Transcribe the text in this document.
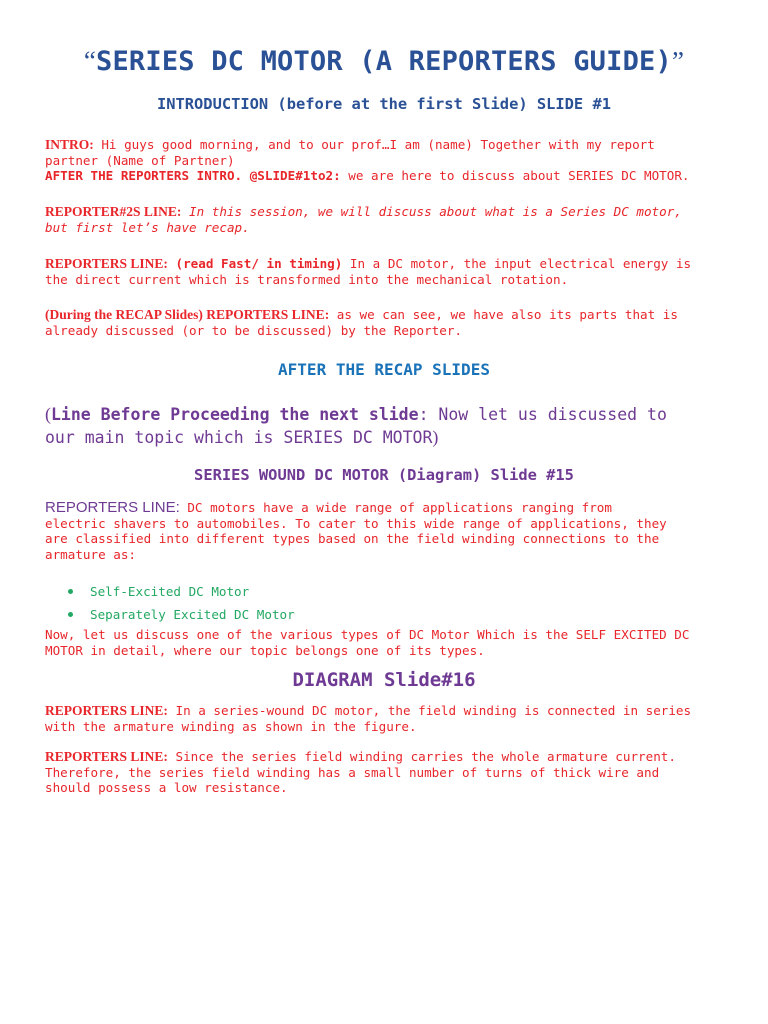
“SERIES DC MOTOR (A REPORTERS GUIDE)”
INTRODUCTION (before at the first Slide) SLIDE #1
INTRO: Hi guys good morning, and to our prof…I am (name) Together with my report
partner (Name of Partner)
AFTER THE REPORTERS INTRO. @SLIDE#1to2: we are here to discuss about SERIES DC MOTOR.
REPORTER#2S LINE: In this session, we will discuss about what is a Series DC motor,
but first let’s have recap.
REPORTERS LINE: (read Fast/ in timing) In a DC motor, the input electrical energy is
the direct current which is transformed into the mechanical rotation.
(During the RECAP Slides) REPORTERS LINE: as we can see, we have also its parts that is
already discussed (or to be discussed) by the Reporter.
AFTER THE RECAP SLIDES
(Line Before Proceeding the next slide: Now let us discussed to
our main topic which is SERIES DC MOTOR)
SERIES WOUND DC MOTOR (Diagram) Slide #15
REPORTERS LINE: DC motors have a wide range of applications ranging from
electric shavers to automobiles. To cater to this wide range of applications, they
are classified into different types based on the field winding connections to the
armature as:
Self-Excited DC Motor
Separately Excited DC Motor
Now, let us discuss one of the various types of DC Motor Which is the SELF EXCITED DC
MOTOR in detail, where our topic belongs one of its types.
DIAGRAM Slide#16
REPORTERS LINE: In a series-wound DC motor, the field winding is connected in series
with the armature winding as shown in the figure.
REPORTERS LINE: Since the series field winding carries the whole armature current.
Therefore, the series field winding has a small number of turns of thick wire and
should possess a low resistance.
